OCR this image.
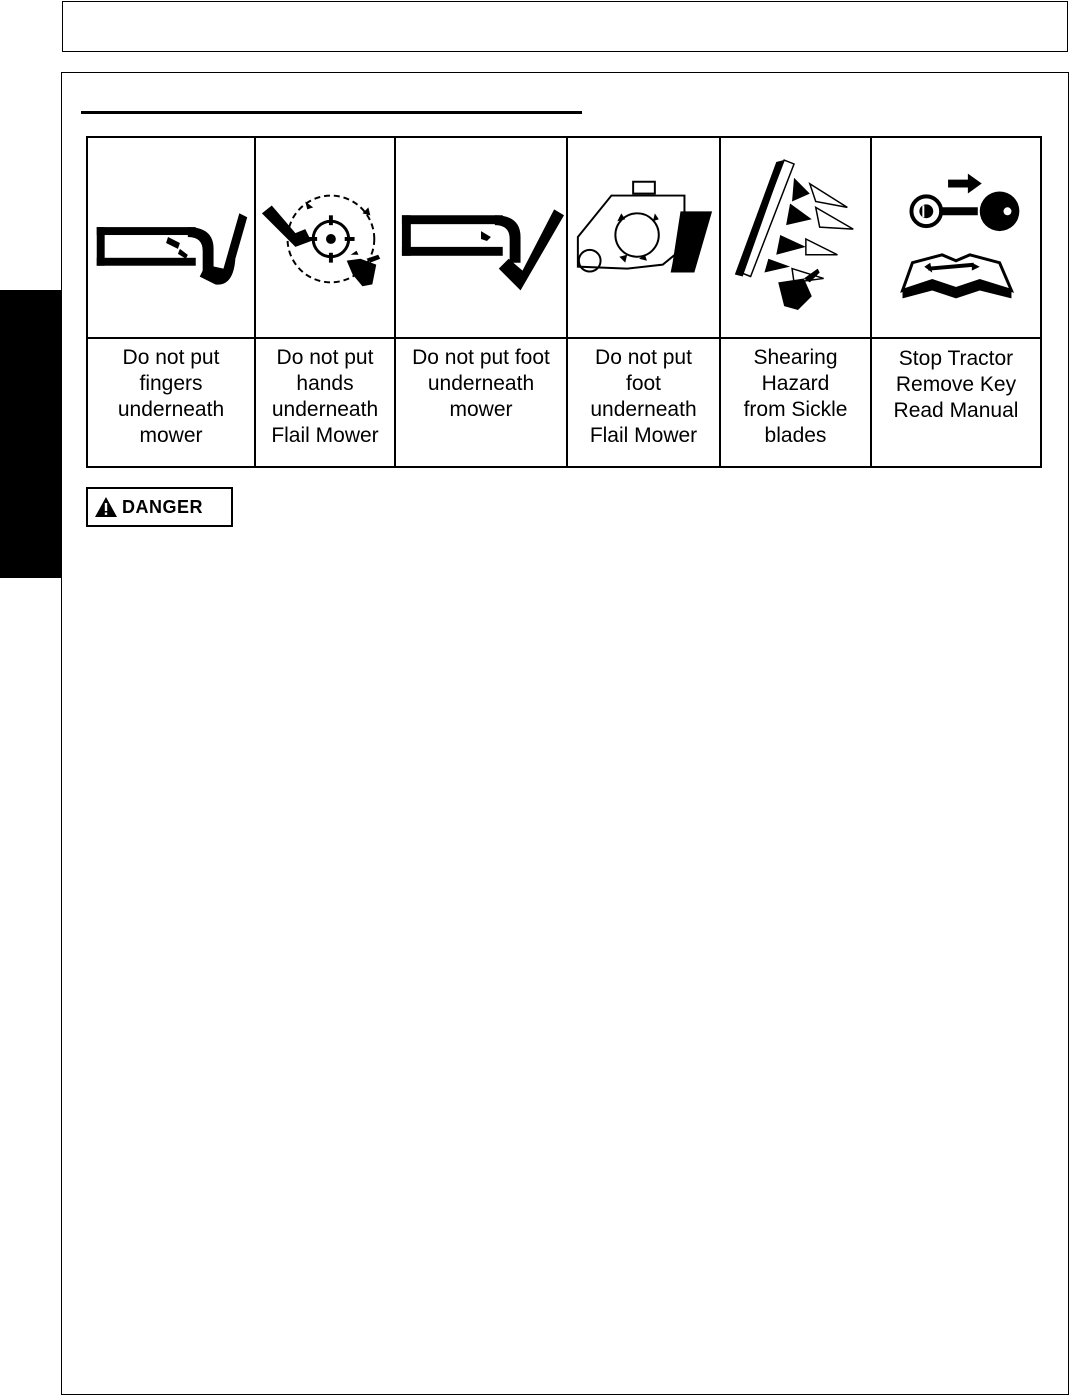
Do not put
fingers
underneath
mower
Do not put
hands
underneath
Flail Mower
Do not put foot
underneath
mower
Do not put
foot
underneath
Flail Mower
Shearing
Hazard
from Sickle
blades
Stop Tractor
Remove Key
Read Manual
DANGER
